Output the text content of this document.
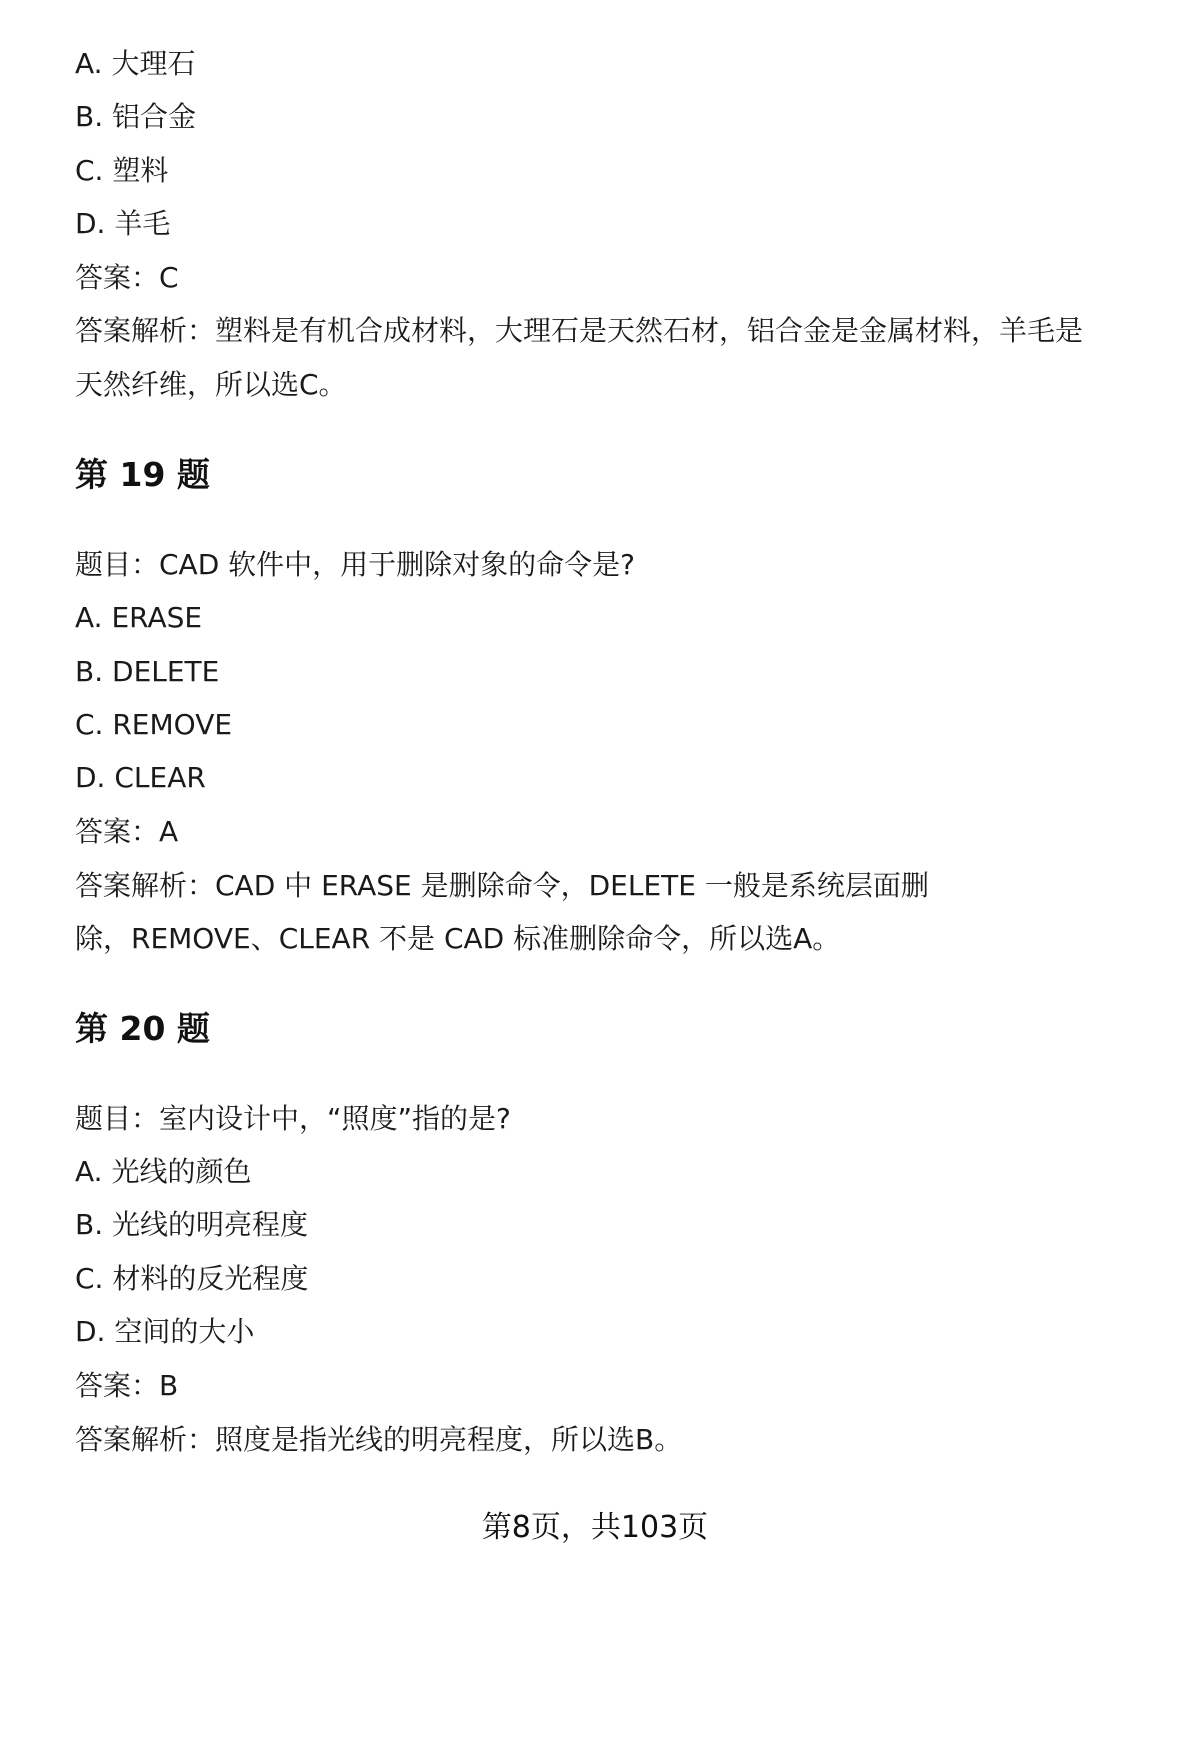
A. 大理石
B. 铝合金
C. 塑料
D. 羊毛
答案：C
答案解析：塑料是有机合成材料，大理石是天然石材，铝合金是金属材料，羊毛是
天然纤维，所以选C。
第 19 题
题目：CAD 软件中，用于删除对象的命令是?
A. ERASE
B. DELETE
C. REMOVE
D. CLEAR
答案：A
答案解析：CAD 中 ERASE 是删除命令，DELETE 一般是系统层面删
除，REMOVE、CLEAR 不是 CAD 标准删除命令，所以选A。
第 20 题
题目：室内设计中，“照度”指的是?
A. 光线的颜色
B. 光线的明亮程度
C. 材料的反光程度
D. 空间的大小
答案：B
答案解析：照度是指光线的明亮程度，所以选B。
第8页，共103页
